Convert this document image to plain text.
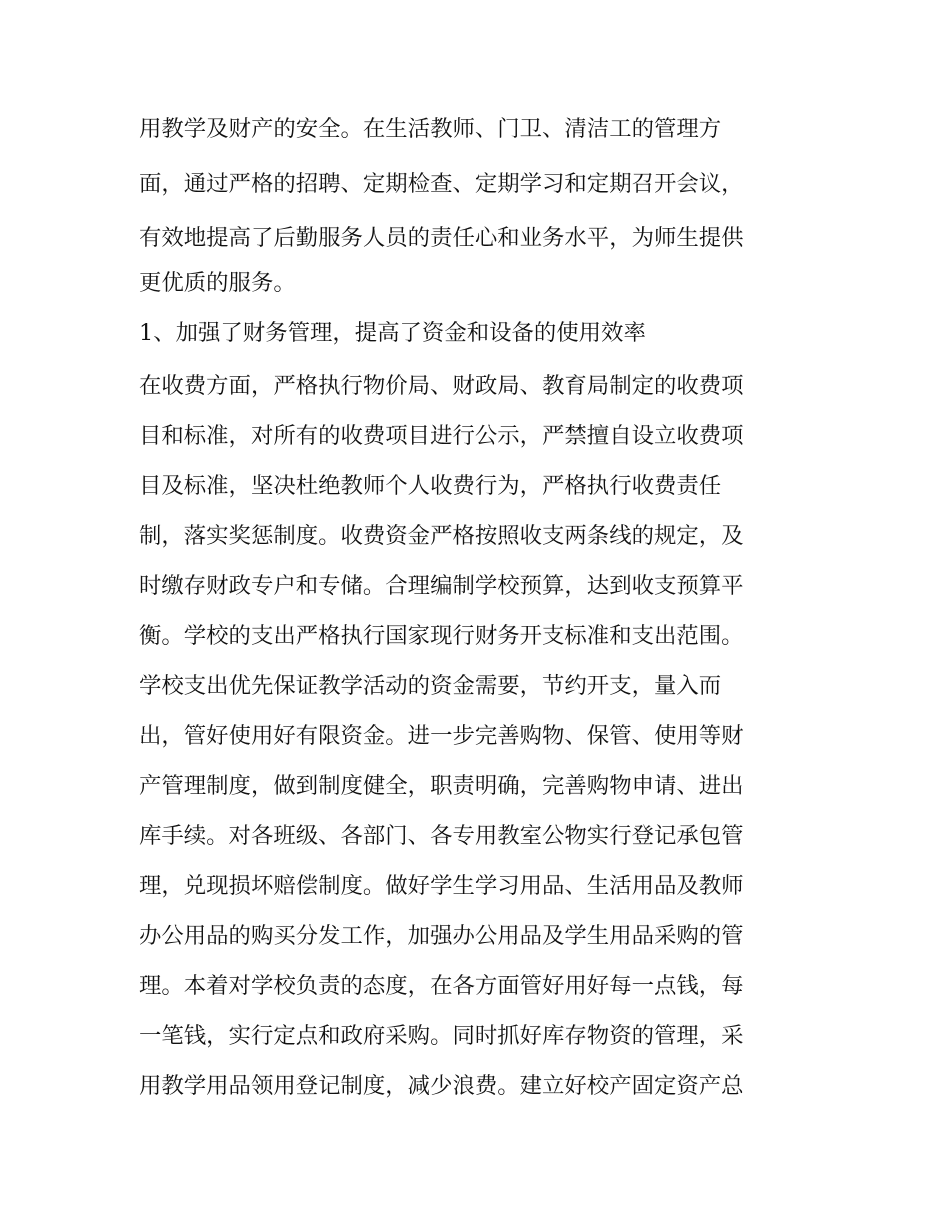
用教学及财产的安全。在生活教师、门卫、清洁工的管理方
面，通过严格的招聘、定期检查、定期学习和定期召开会议，
有效地提高了后勤服务人员的责任心和业务水平，为师生提供
更优质的服务。
1、加强了财务管理，提高了资金和设备的使用效率
在收费方面，严格执行物价局、财政局、教育局制定的收费项
目和标准，对所有的收费项目进行公示，严禁擅自设立收费项
目及标准，坚决杜绝教师个人收费行为，严格执行收费责任
制，落实奖惩制度。收费资金严格按照收支两条线的规定，及
时缴存财政专户和专储。合理编制学校预算，达到收支预算平
衡。学校的支出严格执行国家现行财务开支标准和支出范围。
学校支出优先保证教学活动的资金需要，节约开支，量入而
出，管好使用好有限资金。进一步完善购物、保管、使用等财
产管理制度，做到制度健全，职责明确，完善购物申请、进出
库手续。对各班级、各部门、各专用教室公物实行登记承包管
理，兑现损坏赔偿制度。做好学生学习用品、生活用品及教师
办公用品的购买分发工作，加强办公用品及学生用品采购的管
理。本着对学校负责的态度，在各方面管好用好每一点钱，每
一笔钱，实行定点和政府采购。同时抓好库存物资的管理，采
用教学用品领用登记制度，减少浪费。建立好校产固定资产总
